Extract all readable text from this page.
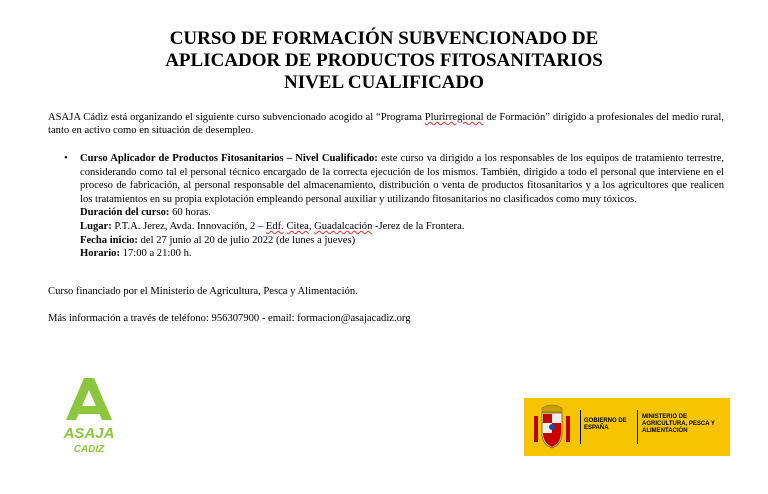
CURSO DE FORMACIÓN SUBVENCIONADO DE
APLICADOR DE PRODUCTOS FITOSANITARIOS
NIVEL CUALIFICADO
ASAJA Cádiz está organizando el siguiente curso subvencionado acogido al “Programa Plurirregional de Formación” dirigido a profesionales del medio rural, tanto en activo como en situación de desempleo.
• Curso Aplicador de Productos Fitosanitarios – Nivel Cualificado: este curso va dirigido a los responsables de los equipos de tratamiento terrestre, considerando como tal el personal técnico encargado de la correcta ejecución de los mismos. También, dirigido a todo el personal que interviene en el proceso de fabricación, al personal responsable del almacenamiento, distribución o venta de productos fitosanitarios y a los agricultores que realicen los tratamientos en su propia explotación empleando personal auxiliar y utilizando fitosanitarios no clasificados como muy tóxicos.
Duración del curso: 60 horas.
Lugar: P.T.A. Jerez, Avda. Innovación, 2 – Edf. Citea, Guadalcación -Jerez de la Frontera.
Fecha inicio: del 27 junio al 20 de julio 2022 (de lunes a jueves)
Horario: 17:00 a 21:00 h.
Curso financiado por el Ministerio de Agricultura, Pesca y Alimentación.
Más información a través de teléfono: 956307900 - email: formacion@asajacadiz.org
ASAJA
CADIZ
GOBIERNO DE ESPAÑA
MINISTERIO DE AGRICULTURA, PESCA Y ALIMENTACIÓN
